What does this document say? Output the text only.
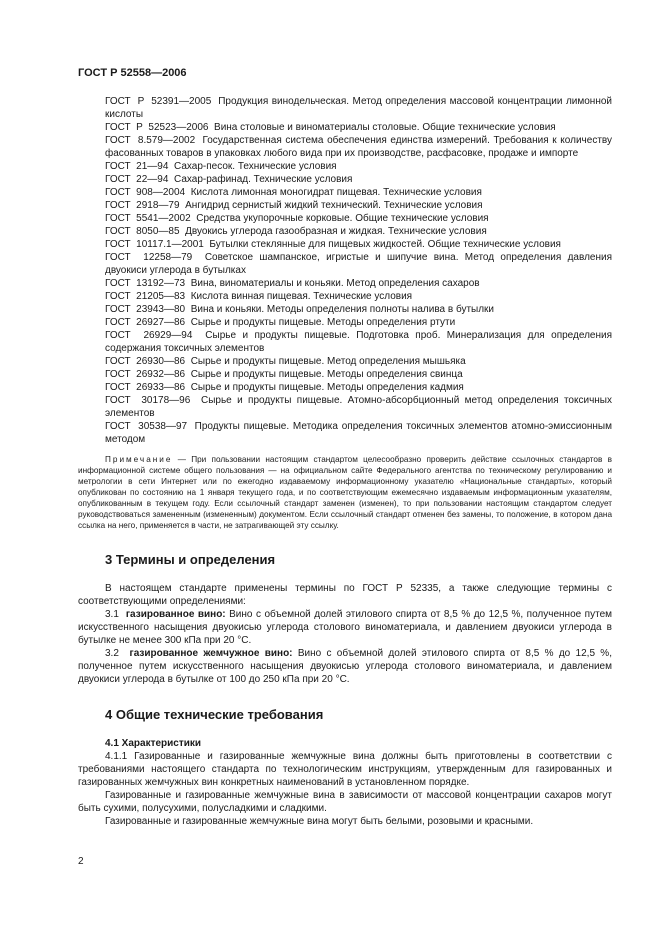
ГОСТ Р 52558—2006
ГОСТ  Р  52391—2005 Продукция винодельческая. Метод определения массовой концентрации лимонной кислоты
ГОСТ  Р  52523—2006 Вина столовые и виноматериалы столовые. Общие технические условия
ГОСТ  8.579—2002 Государственная система обеспечения единства измерений. Требования к количеству фасованных товаров в упаковках любого вида при их производстве, расфасовке, продаже и импорте
ГОСТ  21—94 Сахар-песок. Технические условия
ГОСТ  22—94 Сахар-рафинад. Технические условия
ГОСТ  908—2004 Кислота лимонная моногидрат пищевая. Технические условия
ГОСТ  2918—79 Ангидрид сернистый жидкий технический. Технические условия
ГОСТ  5541—2002 Средства укупорочные корковые. Общие технические условия
ГОСТ  8050—85 Двуокись углерода газообразная и жидкая. Технические условия
ГОСТ  10117.1—2001 Бутылки стеклянные для пищевых жидкостей. Общие технические условия
ГОСТ  12258—79 Советское шампанское, игристые и шипучие вина. Метод определения давления двуокиси углерода в бутылках
ГОСТ  13192—73 Вина, виноматериалы и коньяки. Метод определения сахаров
ГОСТ  21205—83 Кислота винная пищевая. Технические условия
ГОСТ  23943—80 Вина и коньяки. Методы определения полноты налива в бутылки
ГОСТ  26927—86 Сырье и продукты пищевые. Методы определения ртути
ГОСТ  26929—94 Сырье и продукты пищевые. Подготовка проб. Минерализация для определения содержания токсичных элементов
ГОСТ  26930—86 Сырье и продукты пищевые. Метод определения мышьяка
ГОСТ  26932—86 Сырье и продукты пищевые. Методы определения свинца
ГОСТ  26933—86 Сырье и продукты пищевые. Методы определения кадмия
ГОСТ  30178—96 Сырье и продукты пищевые. Атомно-абсорбционный метод определения токсичных элементов
ГОСТ  30538—97 Продукты пищевые. Методика определения токсичных элементов атомно-эмиссионным методом
Примечание — При пользовании настоящим стандартом целесообразно проверить действие ссылочных стандартов в информационной системе общего пользования — на официальном сайте Федерального агентства по техническому регулированию и метрологии в сети Интернет или по ежегодно издаваемому информационному указателю «Национальные стандарты», который опубликован по состоянию на 1 января текущего года, и по соответствующим ежемесячно издаваемым информационным указателям, опубликованным в текущем году. Если ссылочный стандарт заменен (изменен), то при пользовании настоящим стандартом следует руководствоваться замененным (измененным) документом. Если ссылочный стандарт отменен без замены, то положение, в котором дана ссылка на него, применяется в части, не затрагивающей эту ссылку.
3 Термины и определения

В настоящем стандарте применены термины по ГОСТ Р 52335, а также следующие термины с соответствующими определениями:

3.1 газированное вино: Вино с объемной долей этилового спирта от 8,5 % до 12,5 %, полученное путем искусственного насыщения двуокисью углерода столового виноматериала, и давлением двуокиси углерода в бутылке не менее 300 кПа при 20 °С.

3.2 газированное жемчужное вино: Вино с объемной долей этилового спирта от 8,5 % до 12,5 %, полученное путем искусственного насыщения двуокисью углерода столового виноматериала, и давлением двуокиси углерода в бутылке от 100 до 250 кПа при 20 °С.

4 Общие технические требования
4.1 Характеристики

4.1.1 Газированные и газированные жемчужные вина должны быть приготовлены в соответствии с требованиями настоящего стандарта по технологическим инструкциям, утвержденным для газированных и газированных жемчужных вин конкретных наименований в установленном порядке.

Газированные и газированные жемчужные вина в зависимости от массовой концентрации сахаров могут быть сухими, полусухими, полусладкими и сладкими.

Газированные и газированные жемчужные вина могут быть белыми, розовыми и красными.

2
